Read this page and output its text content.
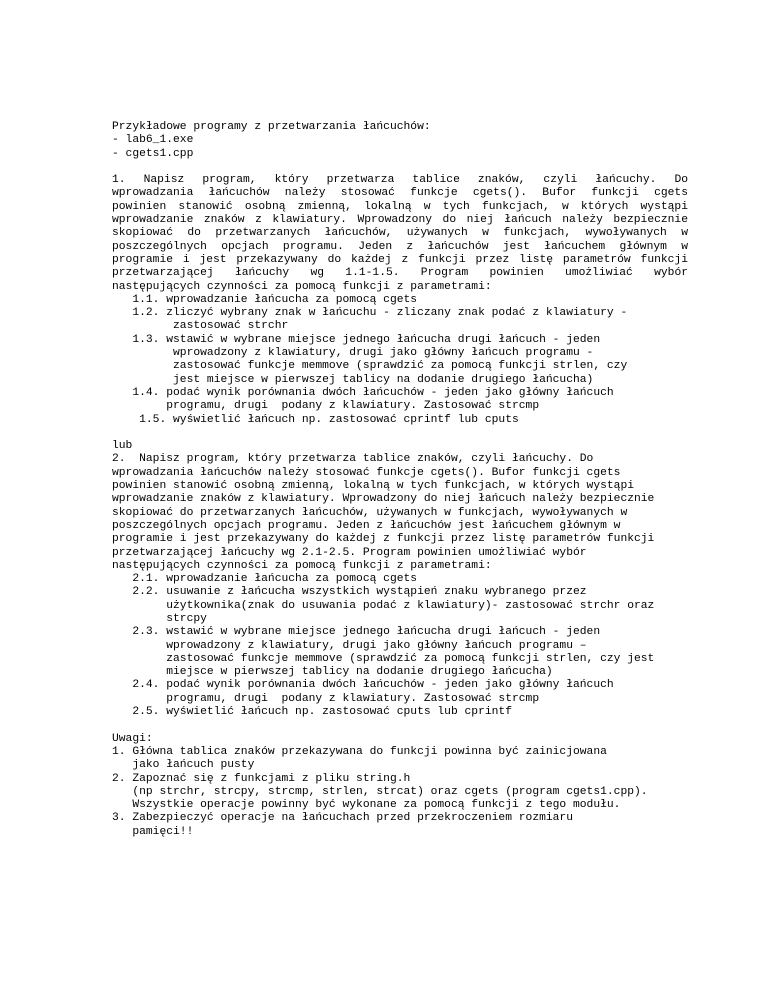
Przykładowe programy z przetwarzania łańcuchów:
- lab6_1.exe
- cgets1.cpp
1. Napisz program, który przetwarza tablice znaków, czyli łańcuchy. Do
wprowadzania łańcuchów należy stosować funkcje cgets(). Bufor funkcji cgets
powinien stanowić osobną zmienną, lokalną w tych funkcjach, w których wystąpi
wprowadzanie znaków z klawiatury. Wprowadzony do niej łańcuch należy bezpiecznie
skopiować do przetwarzanych łańcuchów, używanych w funkcjach, wywoływanych w
poszczególnych opcjach programu. Jeden z łańcuchów jest łańcuchem głównym w
programie i jest przekazywany do każdej z funkcji przez listę parametrów funkcji
przetwarzającej łańcuchy wg 1.1-1.5. Program powinien umożliwiać wybór
następujących czynności za pomocą funkcji z parametrami:
1.1. wprowadzanie łańcucha za pomocą cgets
1.2. zliczyć wybrany znak w łańcuchu - zliczany znak podać z klawiatury -
zastosować strchr
1.3. wstawić w wybrane miejsce jednego łańcucha drugi łańcuch - jeden
wprowadzony z klawiatury, drugi jako główny łańcuch programu -
zastosować funkcje memmove (sprawdzić za pomocą funkcji strlen, czy
jest miejsce w pierwszej tablicy na dodanie drugiego łańcucha)
1.4. podać wynik porównania dwóch łańcuchów - jeden jako główny łańcuch
programu, drugi  podany z klawiatury. Zastosować strcmp
1.5. wyświetlić łańcuch np. zastosować cprintf lub cputs
lub
2.  Napisz program, który przetwarza tablice znaków, czyli łańcuchy. Do
wprowadzania łańcuchów należy stosować funkcje cgets(). Bufor funkcji cgets
powinien stanowić osobną zmienną, lokalną w tych funkcjach, w których wystąpi
wprowadzanie znaków z klawiatury. Wprowadzony do niej łańcuch należy bezpiecznie
skopiować do przetwarzanych łańcuchów, używanych w funkcjach, wywoływanych w
poszczególnych opcjach programu. Jeden z łańcuchów jest łańcuchem głównym w
programie i jest przekazywany do każdej z funkcji przez listę parametrów funkcji
przetwarzającej łańcuchy wg 2.1-2.5. Program powinien umożliwiać wybór
następujących czynności za pomocą funkcji z parametrami:
2.1. wprowadzanie łańcucha za pomocą cgets
2.2. usuwanie z łańcucha wszystkich wystąpień znaku wybranego przez
użytkownika(znak do usuwania podać z klawiatury)- zastosować strchr oraz
strcpy
2.3. wstawić w wybrane miejsce jednego łańcucha drugi łańcuch - jeden
wprowadzony z klawiatury, drugi jako główny łańcuch programu –
zastosować funkcje memmove (sprawdzić za pomocą funkcji strlen, czy jest
miejsce w pierwszej tablicy na dodanie drugiego łańcucha)
2.4. podać wynik porównania dwóch łańcuchów - jeden jako główny łańcuch
programu, drugi  podany z klawiatury. Zastosować strcmp
2.5. wyświetlić łańcuch np. zastosować cputs lub cprintf
Uwagi:
1. Główna tablica znaków przekazywana do funkcji powinna być zainicjowana
jako łańcuch pusty
2. Zapoznać się z funkcjami z pliku string.h
(np strchr, strcpy, strcmp, strlen, strcat) oraz cgets (program cgets1.cpp).
Wszystkie operacje powinny być wykonane za pomocą funkcji z tego modułu.
3. Zabezpieczyć operacje na łańcuchach przed przekroczeniem rozmiaru
pamięci!!
